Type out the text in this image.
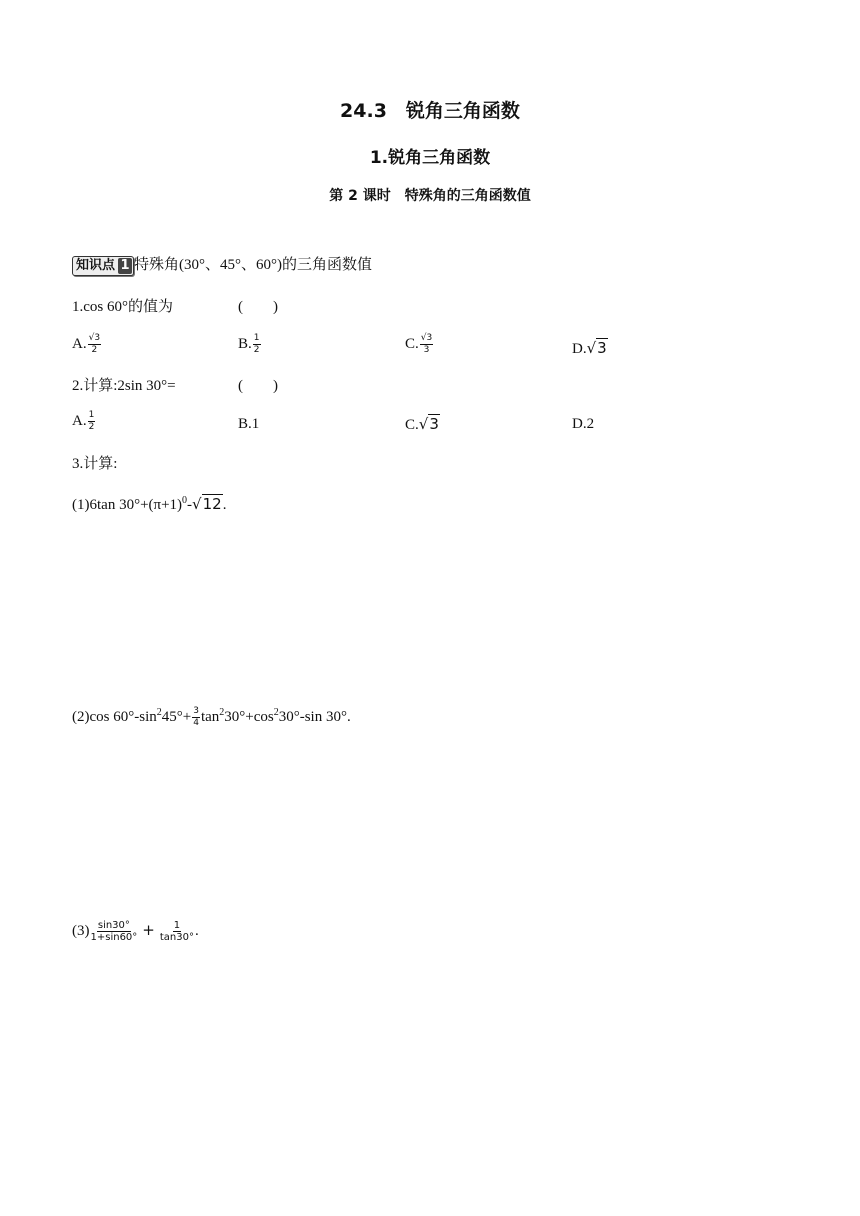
24.3　锐角三角函数
1.锐角三角函数
第 2 课时　特殊角的三角函数值
知识点 1 特殊角(30°、45°、60°)的三角函数值
1.cos 60°的值为	(　　)
A. $\frac{√3}{2}$	B. $\frac{1}{2}$	C. $\frac{√3}{3}$	D.√3
2.计算:2sin 30°=	(　　)
A. $\frac{1}{2}$	B.1	C.√3	D.2
3.计算:
(1)6tan $30^\circ+(\pi+1)^0-√12$.
(2)cos $60^\circ-\sin^245^\circ+ \frac{3}{4} \tan^230^\circ+\cos^230^\circ-\sin$ 30°.
$(3) \frac{\sin 30^\circ}{1+\sin 60^\circ} + \frac{1}{\tan 30^\circ}$ .
